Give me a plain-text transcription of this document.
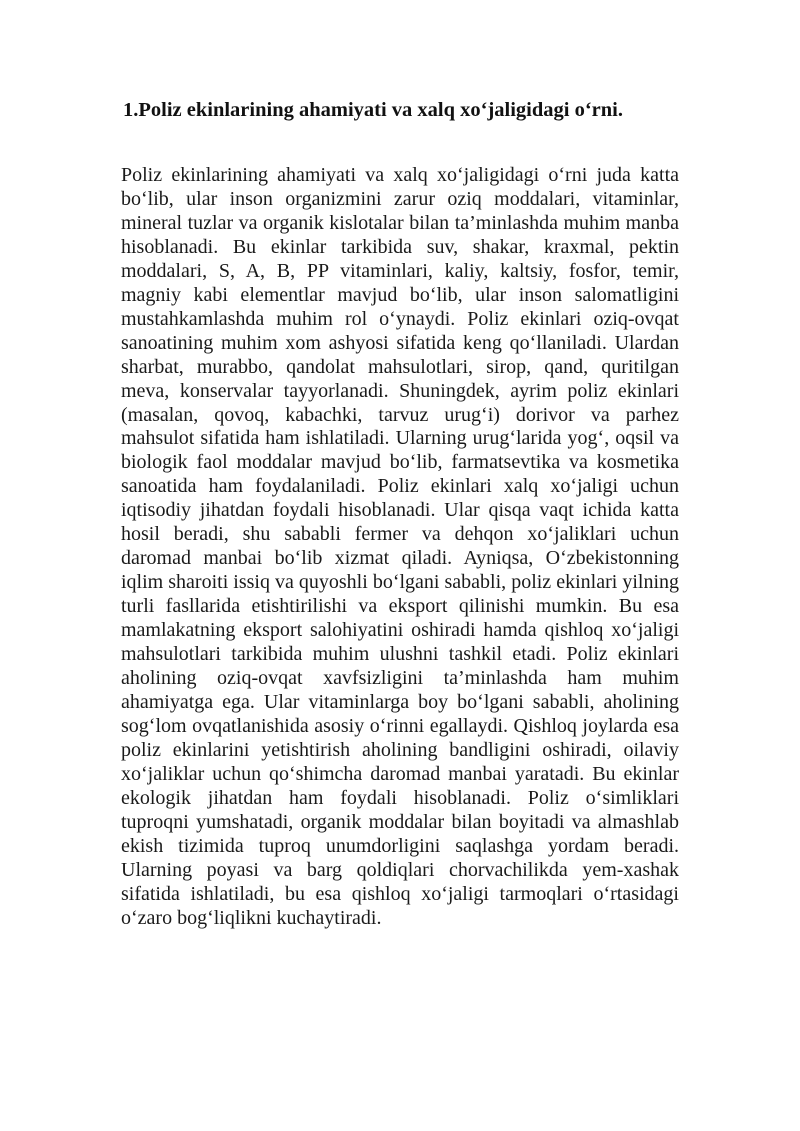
1.Poliz ekinlarining ahamiyati va xalq xo‘jaligidagi o‘rni.

Poliz ekinlarining ahamiyati va xalq xo‘jaligidagi o‘rni juda katta bo‘lib, ular inson organizmini zarur oziq moddalari, vitaminlar, mineral tuzlar va organik kislotalar bilan ta’minlashda muhim manba hisoblanadi. Bu ekinlar tarkibida suv, shakar, kraxmal, pektin moddalari, S, A, B, PP vitaminlari, kaliy, kaltsiy, fosfor, temir, magniy kabi elementlar mavjud bo‘lib, ular inson salomatligini mustahkamlashda muhim rol o‘ynaydi. Poliz ekinlari oziq-ovqat sanoatining muhim xom ashyosi sifatida keng qo‘llaniladi. Ulardan sharbat, murabbo, qandolat mahsulotlari, sirop, qand, quritilgan meva, konservalar tayyorlanadi. Shuningdek, ayrim poliz ekinlari (masalan, qovoq, kabachki, tarvuz urug‘i) dorivor va parhez mahsulot sifatida ham ishlatiladi. Ularning urug‘larida yog‘, oqsil va biologik faol moddalar mavjud bo‘lib, farmatsevtika va kosmetika sanoatida ham foydalaniladi. Poliz ekinlari xalq xo‘jaligi uchun iqtisodiy jihatdan foydali hisoblanadi. Ular qisqa vaqt ichida katta hosil beradi, shu sababli fermer va dehqon xo‘jaliklari uchun daromad manbai bo‘lib xizmat qiladi. Ayniqsa, O‘zbekistonning iqlim sharoiti issiq va quyoshli bo‘lgani sababli, poliz ekinlari yilning turli fasllarida etishtirilishi va eksport qilinishi mumkin. Bu esa mamlakatning eksport salohiyatini oshiradi hamda qishloq xo‘jaligi mahsulotlari tarkibida muhim ulushni tashkil etadi. Poliz ekinlari aholining oziq-ovqat xavfsizligini ta’minlashda ham muhim ahamiyatga ega. Ular vitaminlarga boy bo‘lgani sababli, aholining sog‘lom ovqatlanishida asosiy o‘rinni egallaydi. Qishloq joylarda esa poliz ekinlarini yetishtirish aholining bandligini oshiradi, oilaviy xo‘jaliklar uchun qo‘shimcha daromad manbai yaratadi. Bu ekinlar ekologik jihatdan ham foydali hisoblanadi. Poliz o‘simliklari tuproqni yumshatadi, organik moddalar bilan boyitadi va almashlab ekish tizimida tuproq unumdorligini saqlashga yordam beradi. Ularning poyasi va barg qoldiqlari chorvachilikda yem-xashak sifatida ishlatiladi, bu esa qishloq xo‘jaligi tarmoqlari o‘rtasidagi o‘zaro bog‘liqlikni kuchaytiradi.
